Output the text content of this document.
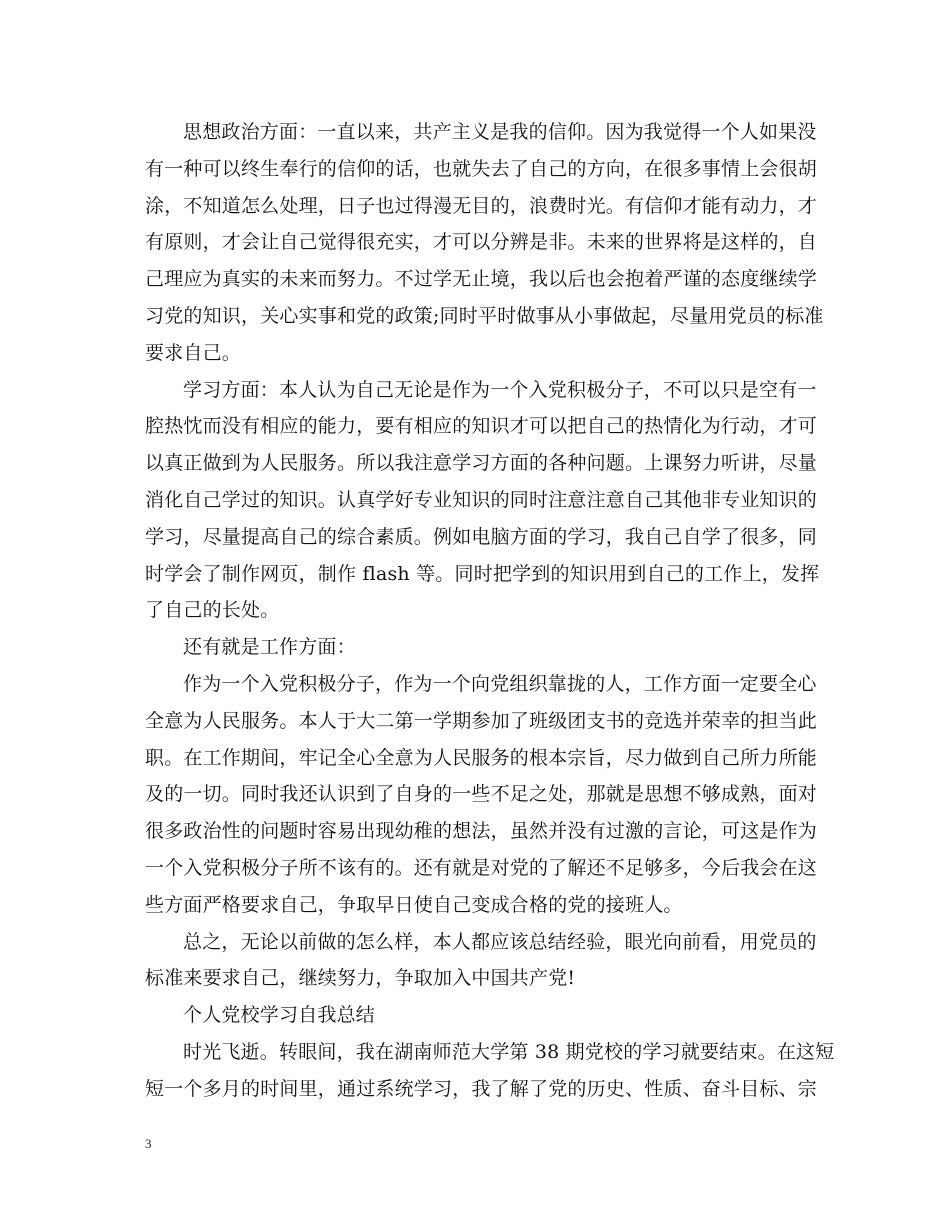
思想政治方面：一直以来，共产主义是我的信仰。因为我觉得一个人如果没
有一种可以终生奉行的信仰的话，也就失去了自己的方向，在很多事情上会很胡
涂，不知道怎么处理，日子也过得漫无目的，浪费时光。有信仰才能有动力，才
有原则，才会让自己觉得很充实，才可以分辨是非。未来的世界将是这样的，自
己理应为真实的未来而努力。不过学无止境，我以后也会抱着严谨的态度继续学
习党的知识，关心实事和党的政策;同时平时做事从小事做起，尽量用党员的标准
要求自己。
学习方面：本人认为自己无论是作为一个入党积极分子，不可以只是空有一
腔热忱而没有相应的能力，要有相应的知识才可以把自己的热情化为行动，才可
以真正做到为人民服务。所以我注意学习方面的各种问题。上课努力听讲，尽量
消化自己学过的知识。认真学好专业知识的同时注意注意自己其他非专业知识的
学习，尽量提高自己的综合素质。例如电脑方面的学习，我自己自学了很多，同
时学会了制作网页，制作 flash 等。同时把学到的知识用到自己的工作上，发挥
了自己的长处。
还有就是工作方面：
作为一个入党积极分子，作为一个向党组织靠拢的人，工作方面一定要全心
全意为人民服务。本人于大二第一学期参加了班级团支书的竞选并荣幸的担当此
职。在工作期间，牢记全心全意为人民服务的根本宗旨，尽力做到自己所力所能
及的一切。同时我还认识到了自身的一些不足之处，那就是思想不够成熟，面对
很多政治性的问题时容易出现幼稚的想法，虽然并没有过激的言论，可这是作为
一个入党积极分子所不该有的。还有就是对党的了解还不足够多，今后我会在这
些方面严格要求自己，争取早日使自己变成合格的党的接班人。
总之，无论以前做的怎么样，本人都应该总结经验，眼光向前看，用党员的
标准来要求自己，继续努力，争取加入中国共产党!
个人党校学习自我总结
时光飞逝。转眼间，我在湖南师范大学第 38 期党校的学习就要结束。在这短
短一个多月的时间里，通过系统学习，我了解了党的历史、性质、奋斗目标、宗
3
